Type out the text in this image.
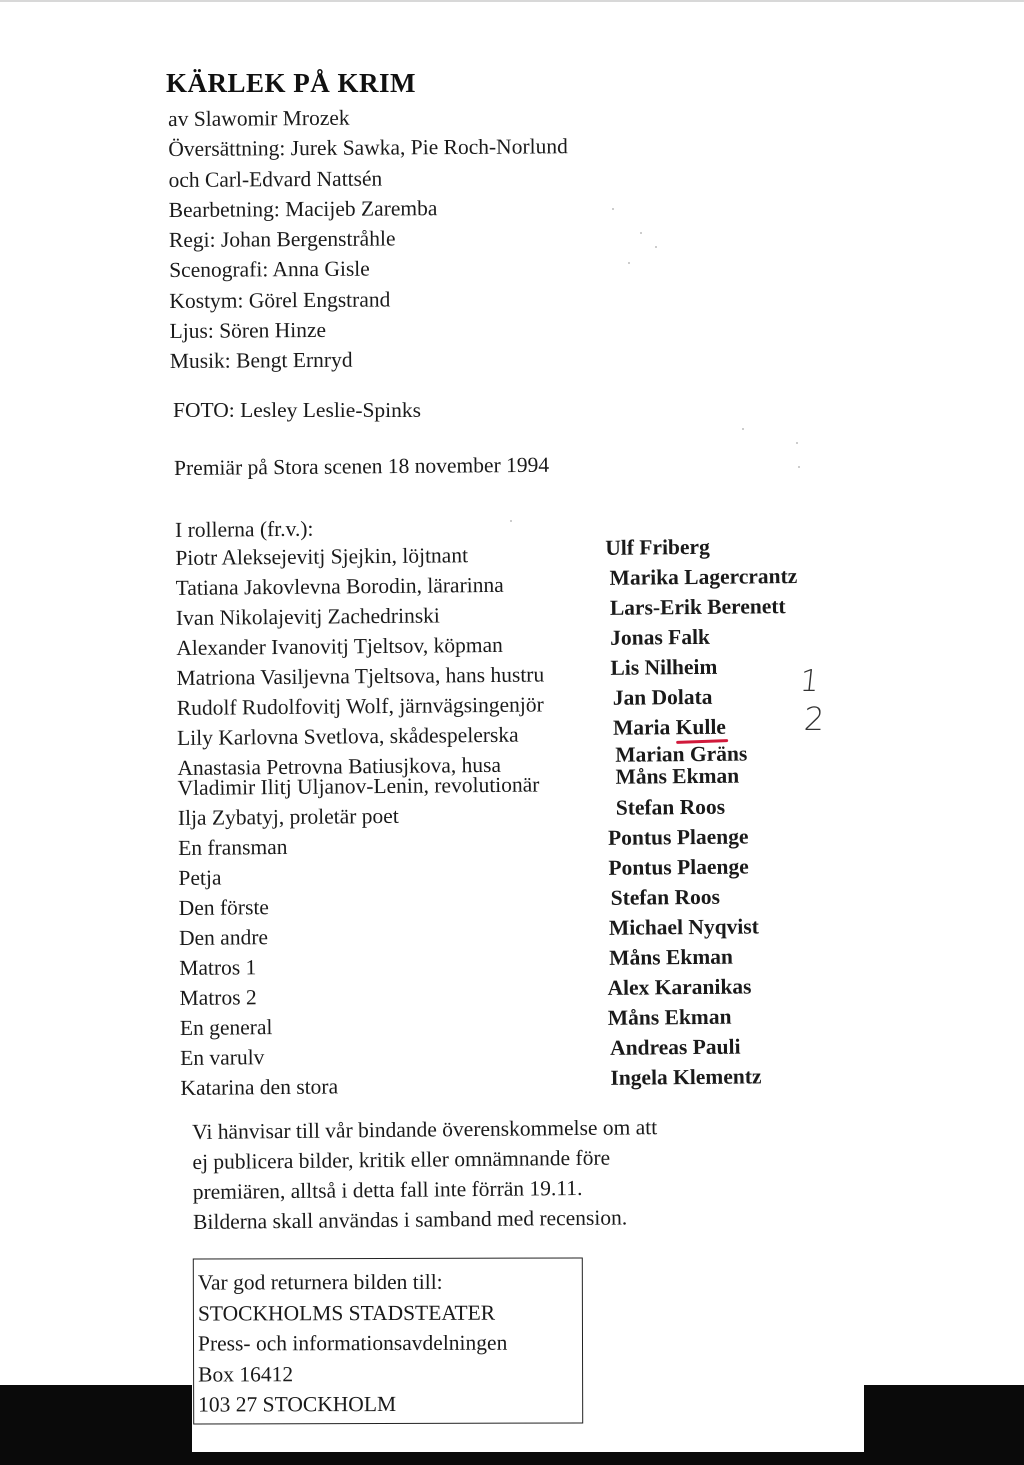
KÄRLEK PÅ KRIM
av Slawomir Mrozek
Översättning: Jurek Sawka, Pie Roch-Norlund
och Carl-Edvard Nattsén
Bearbetning: Macijeb Zaremba
Regi: Johan Bergenstråhle
Scenografi: Anna Gisle
Kostym: Görel Engstrand
Ljus: Sören Hinze
Musik: Bengt Ernryd
FOTO: Lesley Leslie-Spinks
Premiär på Stora scenen 18 november 1994
I rollerna (fr.v.):
Piotr Aleksejevitj Sjejkin, löjtnant
Tatiana Jakovlevna Borodin, lärarinna
Ivan Nikolajevitj Zachedrinski
Alexander Ivanovitj Tjeltsov, köpman
Matriona Vasiljevna Tjeltsova, hans hustru
Rudolf Rudolfovitj Wolf, järnvägsingenjör
Lily Karlovna Svetlova, skådespelerska
Anastasia Petrovna Batiusjkova, husa
Vladimir Ilitj Uljanov-Lenin, revolutionär
Ilja Zybatyj, proletär poet
En fransman
Petja
Den förste
Den andre
Matros 1
Matros 2
En general
En varulv
Katarina den stora
Ulf Friberg
Marika Lagercrantz
Lars-Erik Berenett
Jonas Falk
Lis Nilheim
Jan Dolata
Maria Kulle
Marian Gräns
Måns Ekman
Stefan Roos
Pontus Plaenge
Pontus Plaenge
Stefan Roos
Michael Nyqvist
Måns Ekman
Alex Karanikas
Måns Ekman
Andreas Pauli
Ingela Klementz
1
2
Vi hänvisar till vår bindande överenskommelse om att
ej publicera bilder, kritik eller omnämnande före
premiären, alltså i detta fall inte förrän 19.11.
Bilderna skall användas i samband med recension.
Var god returnera bilden till:
STOCKHOLMS STADSTEATER
Press- och informationsavdelningen
Box 16412
103 27 STOCKHOLM
